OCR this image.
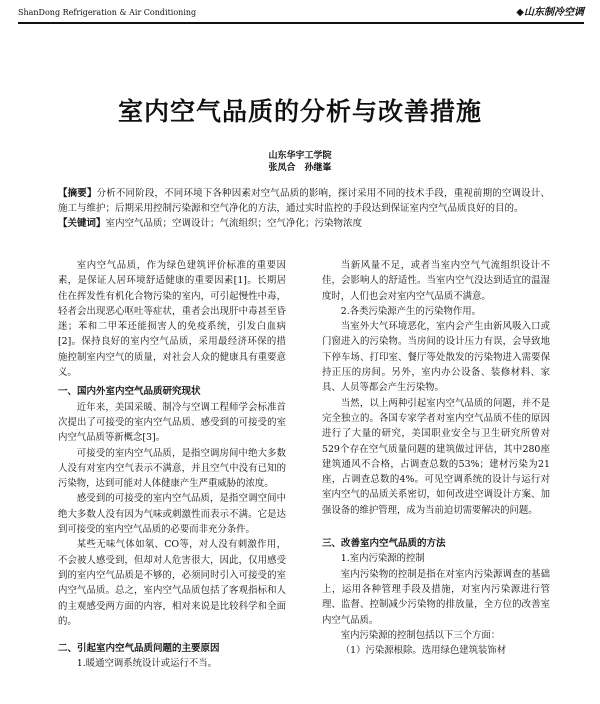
ShanDong Refrigeration & Air Conditioning	◆山东制冷空调
室内空气品质的分析与改善措施
山东华宇工学院
张凤合　孙继峯

【摘要】分析不同阶段，不同环境下各种因素对空气品质的影响，探讨采用不同的技术手段，重视前期的空调设计、施工与维护；后期采用控制污染源和空气净化的方法，通过实时监控的手段达到保证室内空气品质良好的目的。

【关键词】室内空气品质；空调设计；气流组织；空气净化；污染物浓度

室内空气品质，作为绿色建筑评价标准的重要因素，是保证人居环境舒适健康的重要因素[1]。长期居住在挥发性有机化合物污染的室内，可引起慢性中毒，轻者会出现恶心呕吐等症状，重者会出现肝中毒甚至昏迷；苯和二甲苯还能损害人的免疫系统，引发白血病[2]。保持良好的室内空气品质，采用最经济环保的措施控制室内空气的质量，对社会人众的健康具有重要意义。

一、国内外室内空气品质研究现状

近年来，美国采暖、制冷与空调工程师学会标准首次提出了可接受的室内空气品质、感受到的可接受的室内空气品质等新概念[3]。

可接受的室内空气品质，是指空调房间中绝大多数人没有对室内空气表示不满意，并且空气中没有已知的污染物，达到可能对人体健康产生严重威胁的浓度。

感受到的可接受的室内空气品质，是指空调空间中绝大多数人没有因为气味或刺激性而表示不满。它是达到可接受的室内空气品质的必要而非充分条件。

某些无味气体如氡、CO等，对人没有刺激作用，不会被人感受到，但却对人危害很大，因此，仅用感受到的室内空气品质是不够的，必须同时引入可接受的室内空气品质。总之，室内空气品质包括了客观指标和人的主观感受两方面的内容，相对来说是比较科学和全面的。

二、引起室内空气品质问题的主要原因
1.暖通空调系统设计或运行不当。

当新风量不足，或者当室内空气气流组织设计不佳，会影响人的舒适性。当室内空气没达到适宜的温湿度时，人们也会对室内空气品质不满意。

2.各类污染源产生的污染物作用。

当室外大气环境恶化，室内会产生由新风吸入口或门窗进入的污染物。当房间的设计压力有误，会导致地下停车场、打印室、餐厅等处散发的污染物进入需要保持正压的房间。另外，室内办公设备、装修材料、家具、人员等都会产生污染物。

当然，以上两种引起室内空气品质的问题，并不是完全独立的。各国专家学者对室内空气品质不佳的原因进行了大量的研究，美国职业安全与卫生研究所曾对529个存在空气质量问题的建筑做过评估，其中280座建筑通风不合格，占调查总数的53%；建材污染为21座，占调查总数的4%。可见空调系统的设计与运行对室内空气的品质关系密切，如何改进空调设计方案、加强设备的维护管理，成为当前迫切需要解决的问题。

三、改善室内空气品质的方法
1.室内污染源的控制

室内污染物的控制是指在对室内污染源调查的基础上，运用各种管理手段及措施，对室内污染源进行管理、监督、控制减少污染物的排放量，全方位的改善室内空气品质。

室内污染源的控制包括以下三个方面：

（1）污染源根除。选用绿色建筑装饰材
